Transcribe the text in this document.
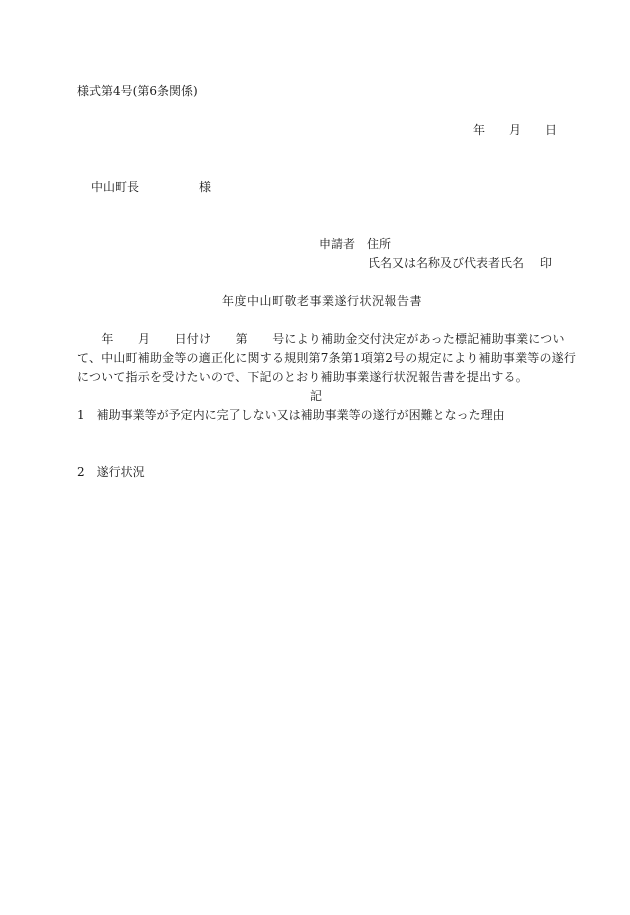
様式第4号(第6条関係)
年　　月　　日
中山町長　　　　　様
申請者　住所
氏名又は名称及び代表者氏名　 印
年度中山町敬老事業遂行状況報告書
　　年　　月　　日付け　　第　　号により補助金交付決定があった標記補助事業につい
て、中山町補助金等の適正化に関する規則第7条第1項第2号の規定により補助事業等の遂行
について指示を受けたいので、下記のとおり補助事業遂行状況報告書を提出する。
記
1　補助事業等が予定内に完了しない又は補助事業等の遂行が困難となった理由
2　遂行状況
